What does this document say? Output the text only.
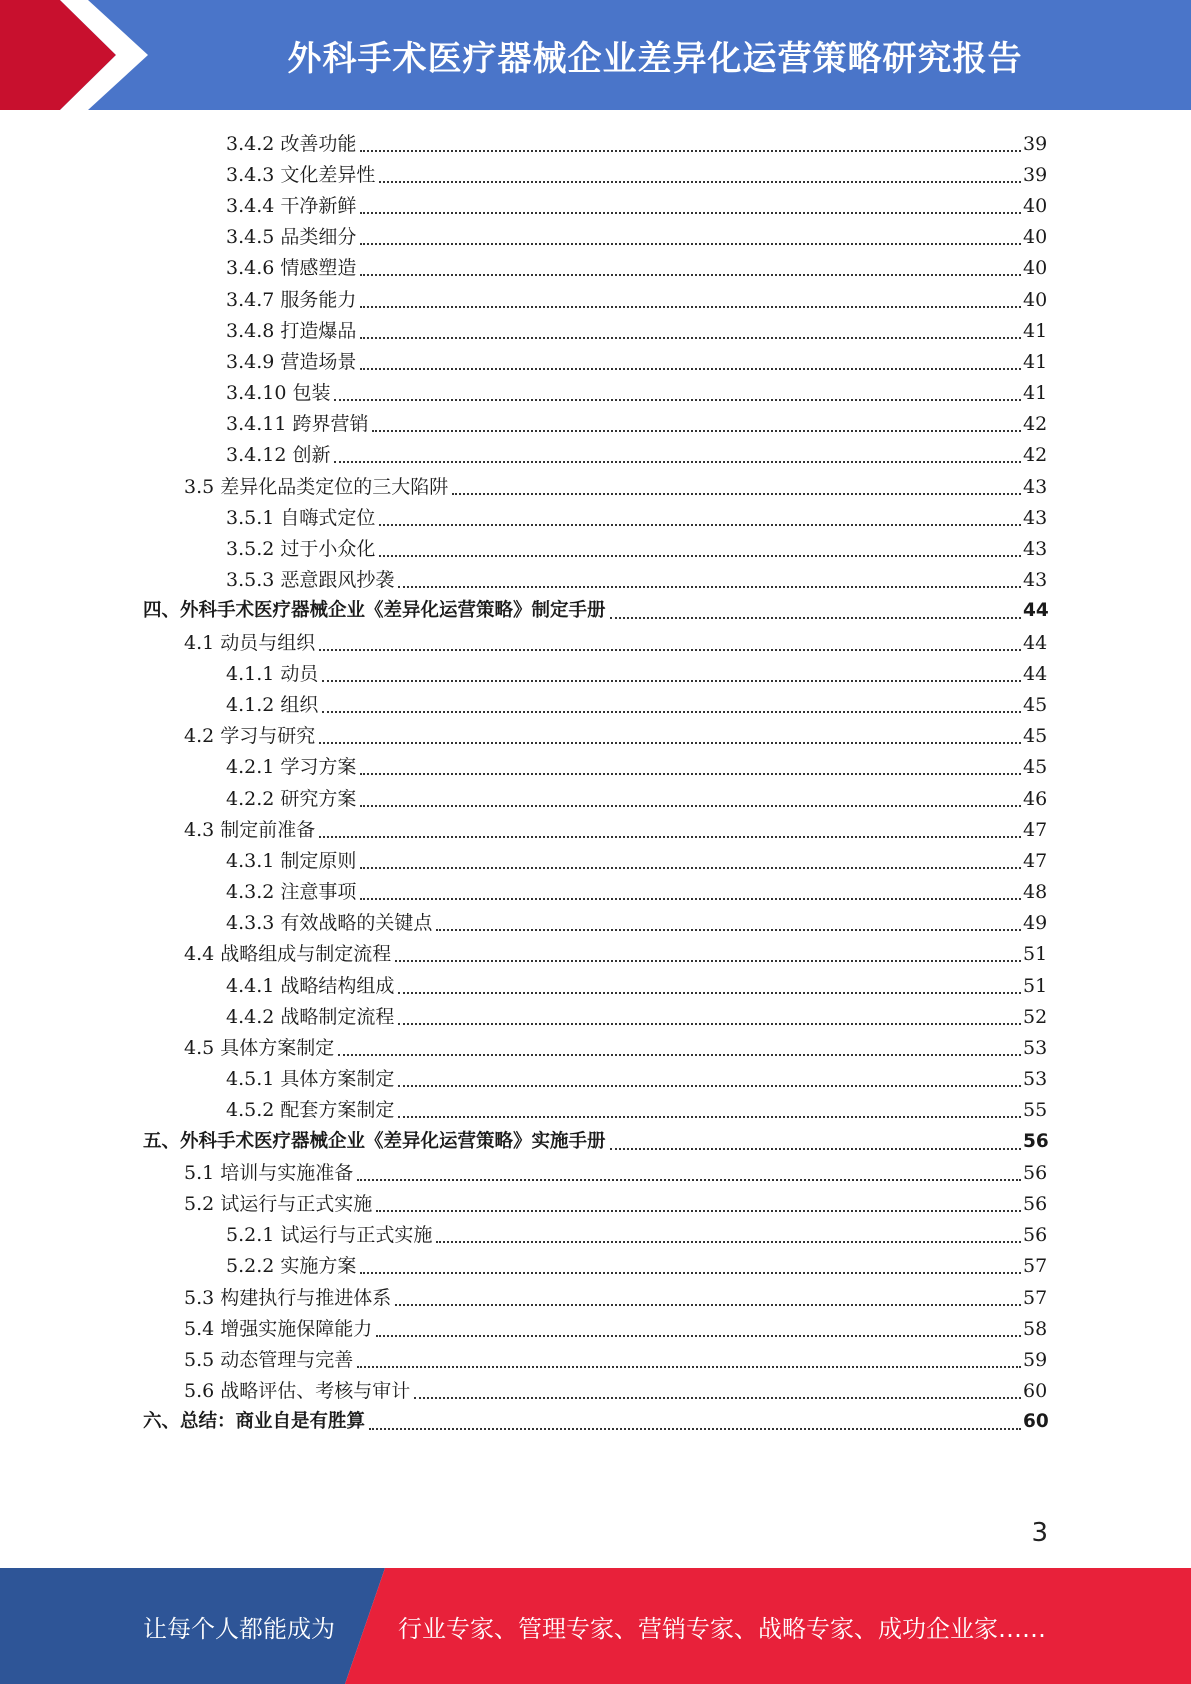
外科手术医疗器械企业差异化运营策略研究报告
3.4.2 改善功能	39
3.4.3 文化差异性	39
3.4.4 干净新鲜	40
3.4.5 品类细分	40
3.4.6 情感塑造	40
3.4.7 服务能力	40
3.4.8 打造爆品	41
3.4.9 营造场景	41
3.4.10 包装	41
3.4.11 跨界营销	42
3.4.12 创新	42
3.5 差异化品类定位的三大陷阱	43
3.5.1 自嗨式定位	43
3.5.2 过于小众化	43
3.5.3 恶意跟风抄袭	43
四、外科手术医疗器械企业《差异化运营策略》制定手册	44
4.1 动员与组织	44
4.1.1 动员	44
4.1.2 组织	45
4.2 学习与研究	45
4.2.1 学习方案	45
4.2.2 研究方案	46
4.3 制定前准备	47
4.3.1 制定原则	47
4.3.2 注意事项	48
4.3.3 有效战略的关键点	49
4.4 战略组成与制定流程	51
4.4.1 战略结构组成	51
4.4.2 战略制定流程	52
4.5 具体方案制定	53
4.5.1 具体方案制定	53
4.5.2 配套方案制定	55
五、外科手术医疗器械企业《差异化运营策略》实施手册	56
5.1 培训与实施准备	56
5.2 试运行与正式实施	56
5.2.1 试运行与正式实施	56
5.2.2 实施方案	57
5.3 构建执行与推进体系	57
5.4 增强实施保障能力	58
5.5 动态管理与完善	59
5.6 战略评估、考核与审计	60
六、总结：商业自是有胜算	60
3
让每个人都能成为	行业专家、管理专家、营销专家、战略专家、成功企业家……
